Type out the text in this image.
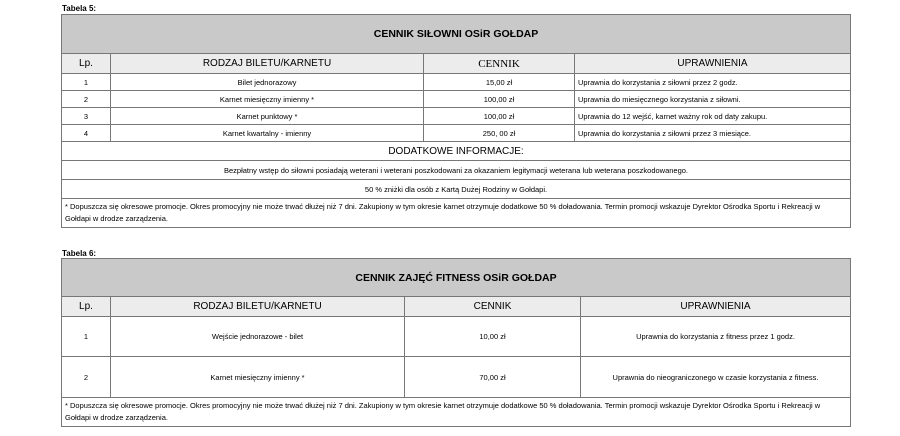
Tabela 5:
CENNIK SIŁOWNI OSiR GOŁDAP			
Lp.	RODZAJ BILETU/KARNETU	CENNIK	UPRAWNIENIA
1	Bilet jednorazowy	15,00 zł	Uprawnia do korzystania z siłowni przez 2 godz.
2	Karnet miesięczny imienny *	100,00 zł	Uprawnia do miesięcznego korzystania z siłowni.
3	Karnet punktowy *	100,00 zł	Uprawnia do 12 wejść, karnet ważny rok od daty zakupu.
4	Karnet kwartalny - imienny	250, 00 zł	Uprawnia do korzystania z siłowni przez 3 miesiące.
DODATKOWE INFORMACJE:			
Bezpłatny wstęp do siłowni posiadają weterani i weterani poszkodowani za okazaniem legitymacji weterana lub weterana poszkodowanego.			
50 % zniżki dla osób z Kartą Dużej Rodziny w Gołdapi.			
* Dopuszcza się okresowe promocje. Okres promocyjny nie może trwać dłużej niż 7 dni. Zakupiony w tym okresie karnet otrzymuje dodatkowe 50 % doładowania. Termin promocji wskazuje Dyrektor Ośrodka Sportu i Rekreacji w Gołdapi w drodze zarządzenia.			
Tabela 6:
CENNIK ZAJĘĆ FITNESS OSiR GOŁDAP			
Lp.	RODZAJ BILETU/KARNETU	CENNIK	UPRAWNIENIA
1	Wejście jednorazowe - bilet	10,00 zł	Uprawnia do korzystania z fitness przez 1 godz.
2	Karnet miesięczny imienny *	70,00 zł	Uprawnia do nieograniczonego w czasie korzystania z fitness.
* Dopuszcza się okresowe promocje. Okres promocyjny nie może trwać dłużej niż 7 dni. Zakupiony w tym okresie karnet otrzymuje dodatkowe 50 % doładowania. Termin promocji wskazuje Dyrektor Ośrodka Sportu i Rekreacji w Gołdapi w drodze zarządzenia.			
